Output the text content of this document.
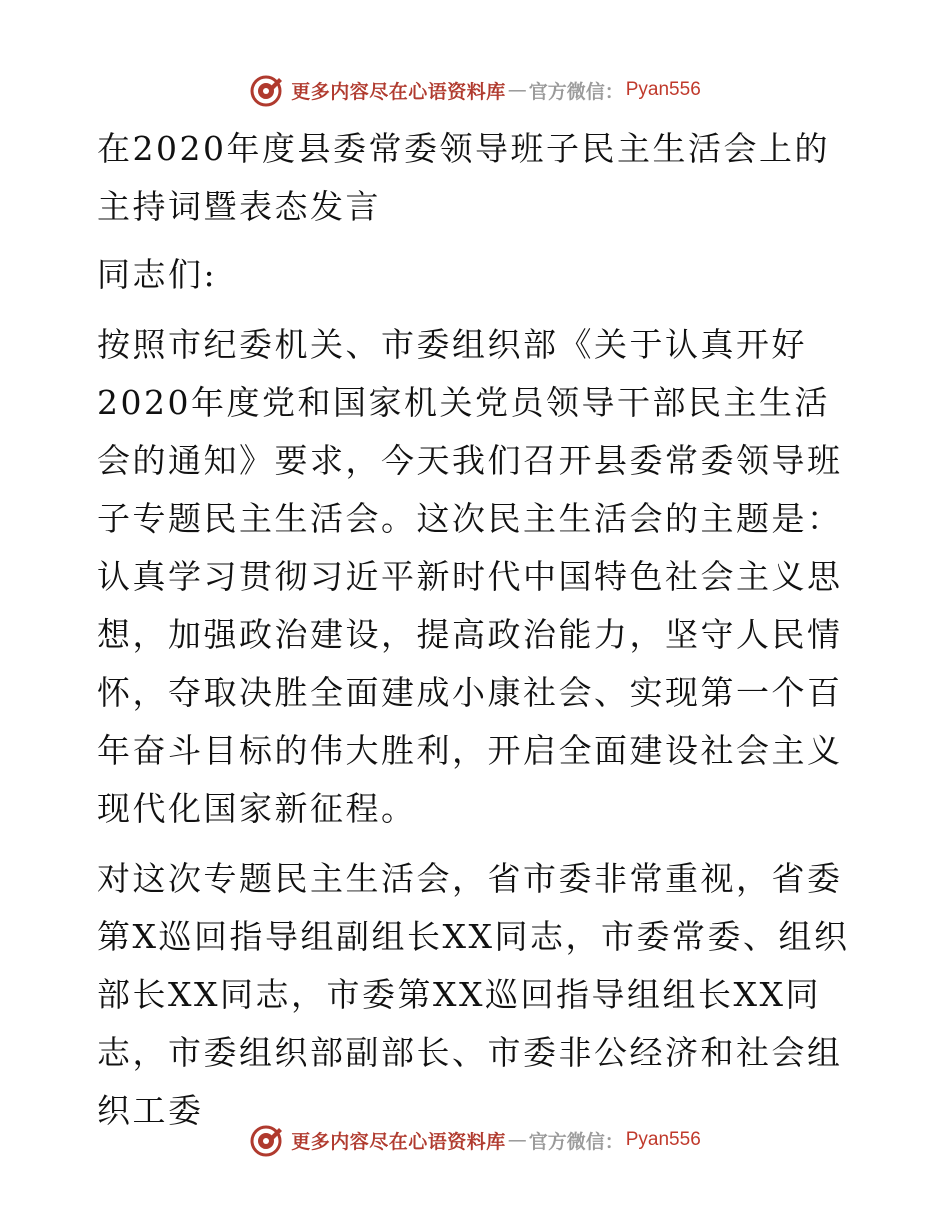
更多内容尽在心语资料库 — 官方微信： Pyan556

在2020年度县委常委领导班子民主生活会上的主持词暨表态发言

同志们:

按照市纪委机关、市委组织部《关于认真开好2020年度党和国家机关党员领导干部民主生活会的通知》要求，今天我们召开县委常委领导班子专题民主生活会。这次民主生活会的主题是：认真学习贯彻习近平新时代中国特色社会主义思想，加强政治建设，提高政治能力，坚守人民情怀，夺取决胜全面建成小康社会、实现第一个百年奋斗目标的伟大胜利，开启全面建设社会主义现代化国家新征程。

对这次专题民主生活会，省市委非常重视，省委第X巡回指导组副组长XX同志，市委常委、组织部长XX同志，市委第XX巡回指导组组长XX同志，市委组织部副部长、市委非公经济和社会组织工委

更多内容尽在心语资料库 — 官方微信： Pyan556
